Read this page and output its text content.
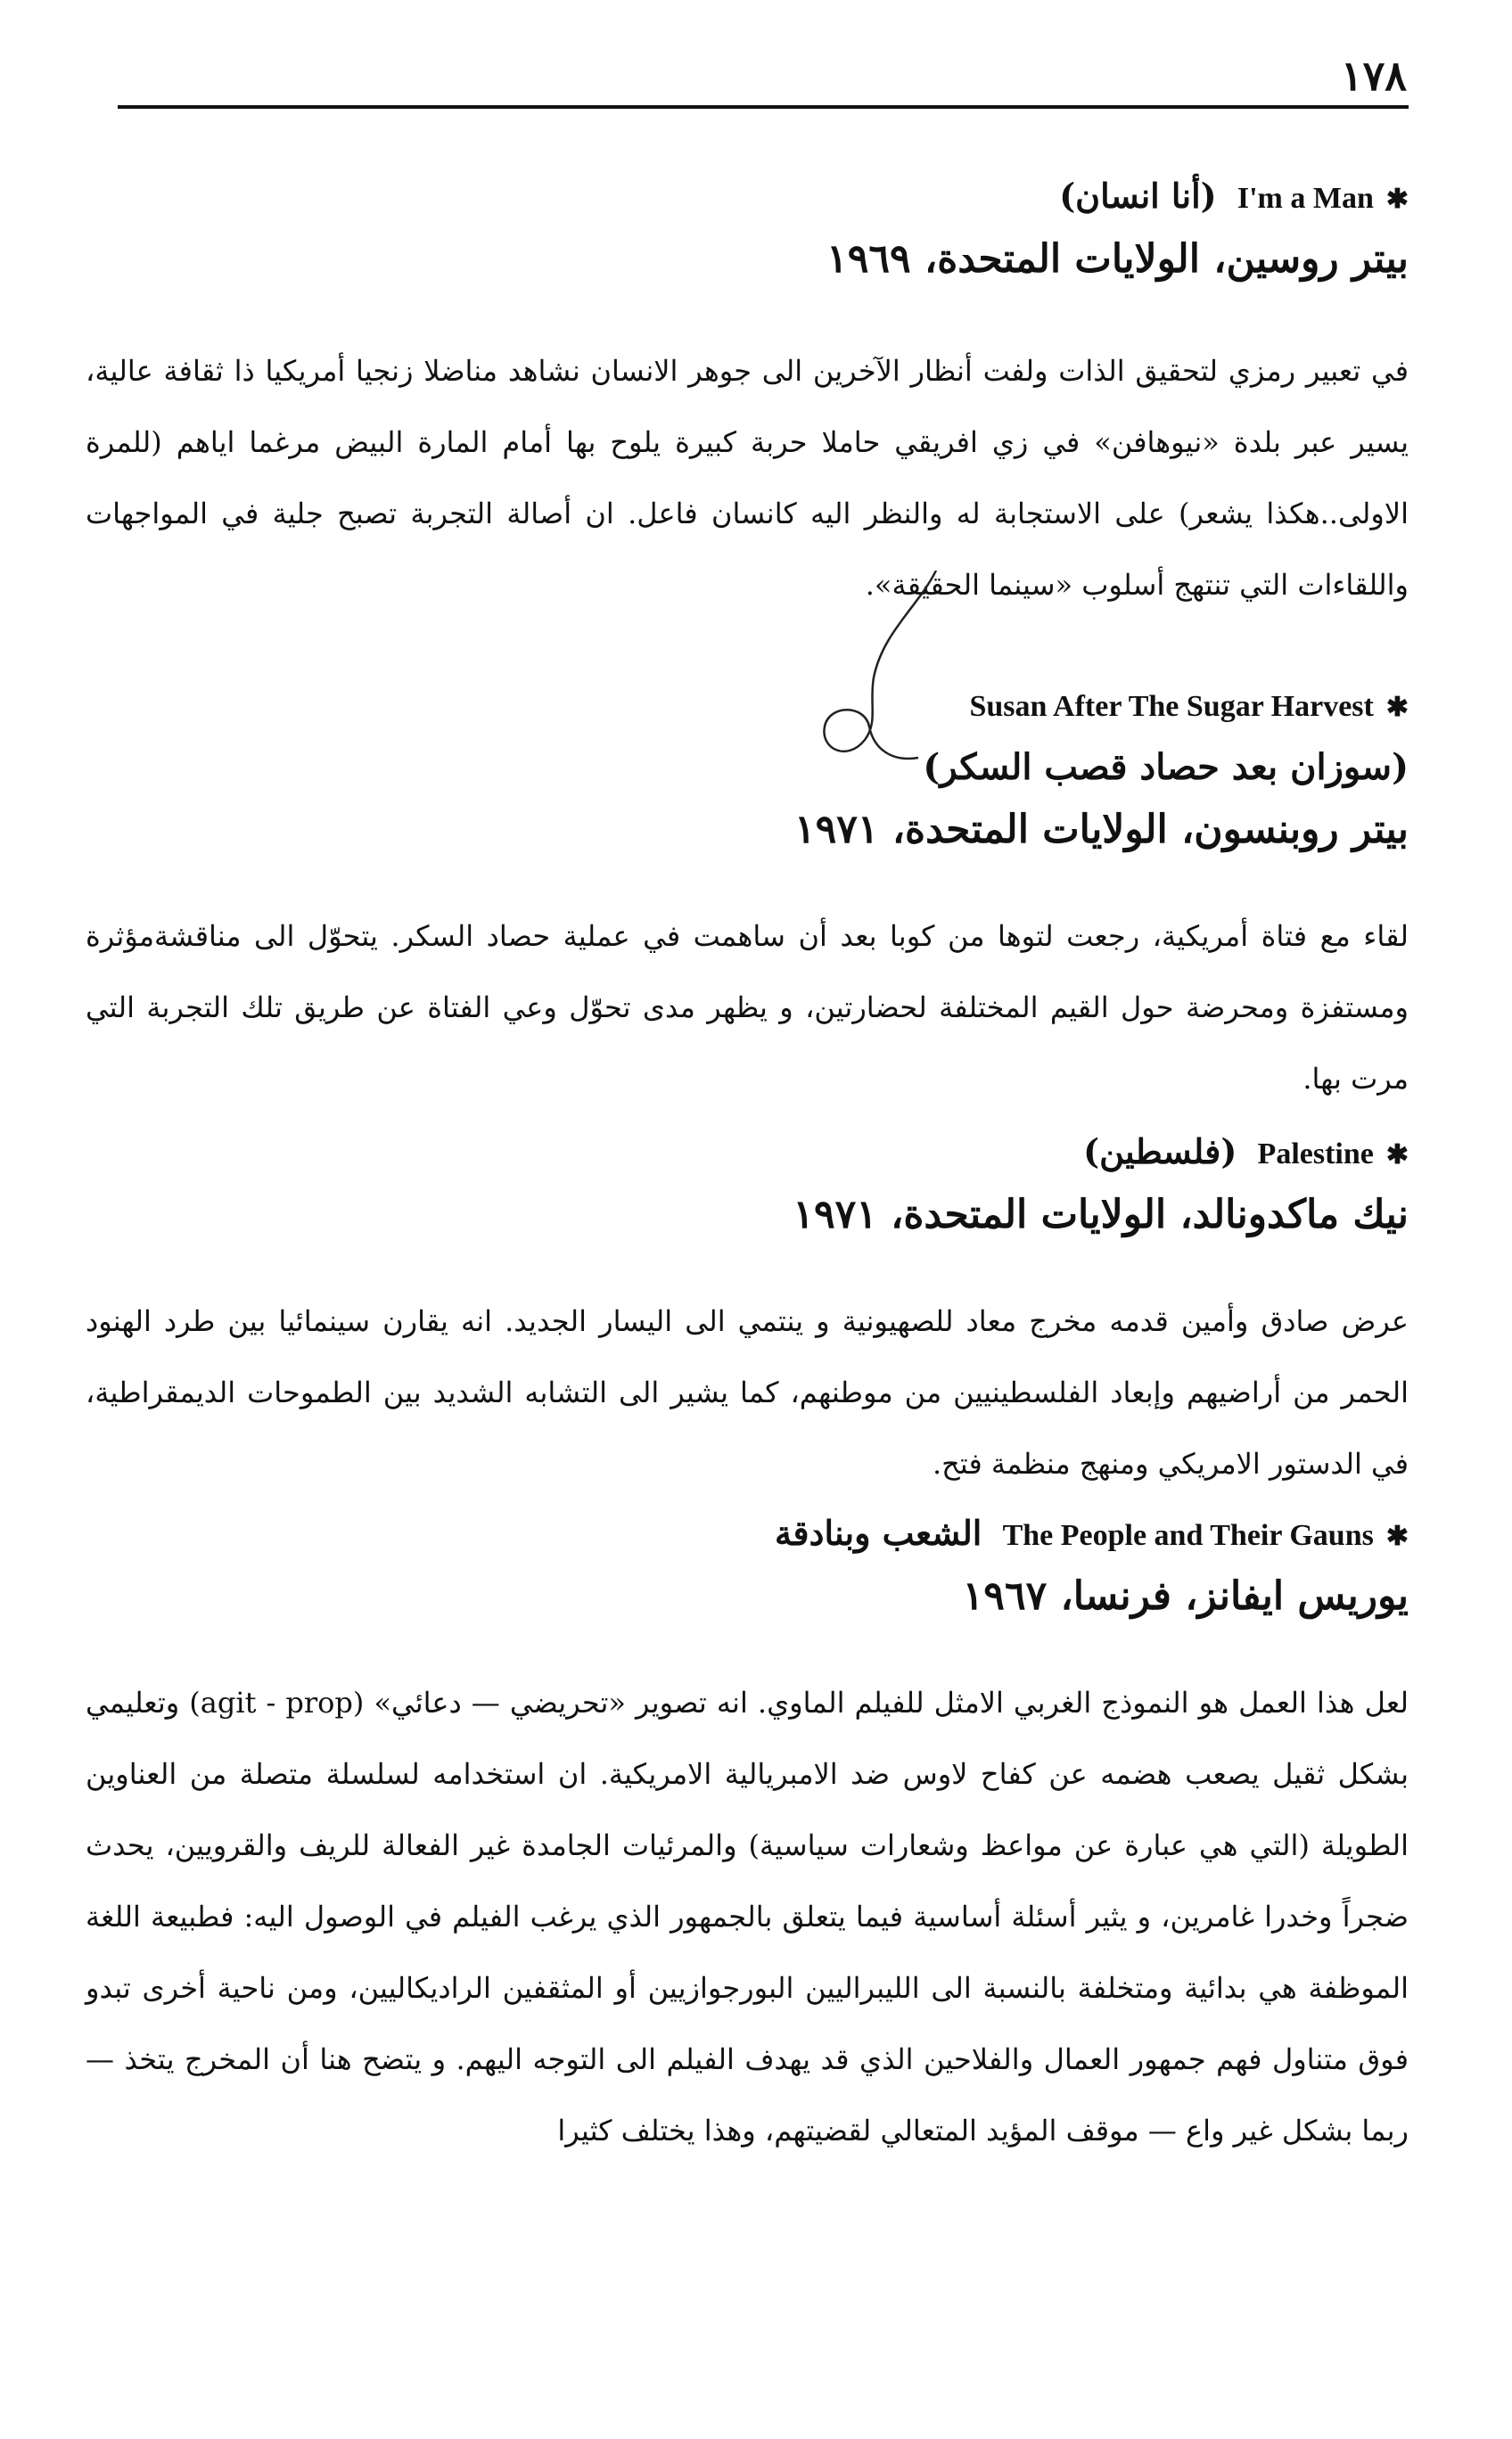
١٧٨
✱I'm a Man (أنا انسان)
بيتر روسين، الولايات المتحدة، ١٩٦٩
في تعبير رمزي لتحقيق الذات ولفت أنظار الآخرين الى جوهر الانسان نشاهد مناضلا زنجيا أمريكيا ذا ثقافة عالية، يسير عبر بلدة «نيوهافن» في زي افريقي حاملا حربة كبيرة يلوح بها أمام المارة البيض مرغما اياهم (للمرة الاولى..هكذا يشعر) على الاستجابة له والنظر اليه كانسان فاعل. ان أصالة التجربة تصبح جلية في المواجهات واللقاءات التي تنتهج أسلوب «سينما الحقيقة».
✱Susan After The Sugar Harvest
(سوزان بعد حصاد قصب السكر)
بيتر روبنسون، الولايات المتحدة، ١٩٧١
لقاء مع فتاة أمريكية، رجعت لتوها من كوبا بعد أن ساهمت في عملية حصاد السكر. يتحوّل الى مناقشةمؤثرة ومستفزة ومحرضة حول القيم المختلفة لحضارتين، و يظهر مدى تحوّل وعي الفتاة عن طريق تلك التجربة التي مرت بها.
✱Palestine (فلسطين)
نيك ماكدونالد، الولايات المتحدة، ١٩٧١
عرض صادق وأمين قدمه مخرج معاد للصهيونية و ينتمي الى اليسار الجديد. انه يقارن سينمائيا بين طرد الهنود الحمر من أراضيهم وإبعاد الفلسطينيين من موطنهم، كما يشير الى التشابه الشديد بين الطموحات الديمقراطية، في الدستور الامريكي ومنهج منظمة فتح.
✱The People and Their Gauns الشعب وبنادقة
يوريس ايفانز، فرنسا، ١٩٦٧
لعل هذا العمل هو النموذج الغربي الامثل للفيلم الماوي. انه تصوير «تحريضي — دعائي» (agit - prop) وتعليمي بشكل ثقيل يصعب هضمه عن كفاح لاوس ضد الامبريالية الامريكية. ان استخدامه لسلسلة متصلة من العناوين الطويلة (التي هي عبارة عن مواعظ وشعارات سياسية) والمرئيات الجامدة غير الفعالة للريف والقرويين، يحدث ضجراً وخدرا غامرين، و يثير أسئلة أساسية فيما يتعلق بالجمهور الذي يرغب الفيلم في الوصول اليه: فطبيعة اللغة الموظفة هي بدائية ومتخلفة بالنسبة الى الليبراليين البورجوازيين أو المثقفين الراديكاليين، ومن ناحية أخرى تبدو فوق متناول فهم جمهور العمال والفلاحين الذي قد يهدف الفيلم الى التوجه اليهم. و يتضح هنا أن المخرج يتخذ — ربما بشكل غير واع — موقف المؤيد المتعالي لقضيتهم، وهذا يختلف كثيرا
